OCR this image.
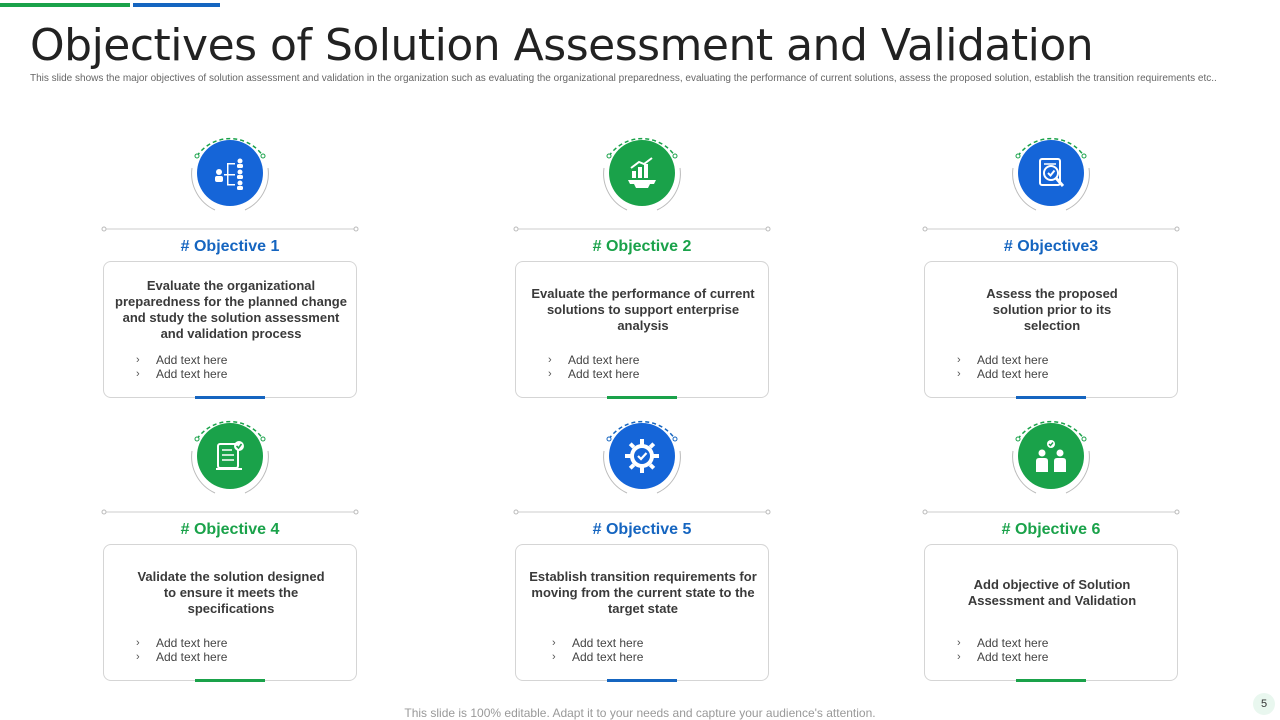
Objectives of Solution Assessment and Validation
This slide shows the major objectives of solution assessment and validation in the organization such as evaluating the organizational preparedness, evaluating the performance of current solutions, assess the proposed solution, establish the transition requirements etc..
# Objective 1
Evaluate the organizational preparedness for the planned change and study the solution assessment and validation process
›	Add text here
›	Add text here
# Objective 2
Evaluate the performance of current solutions to support enterprise analysis
›	Add text here
›	Add text here
# Objective3
Assess the proposed solution prior to its selection
›	Add text here
›	Add text here
# Objective 4
Validate the solution designed to ensure it meets the specifications
›	Add text here
›	Add text here
# Objective 5
Establish transition requirements for moving from the current state to the target state
›	Add text here
›	Add text here
# Objective 6
Add objective of Solution Assessment and Validation
›	Add text here
›	Add text here
This slide is 100% editable. Adapt it to your needs and capture your audience's attention.
5
